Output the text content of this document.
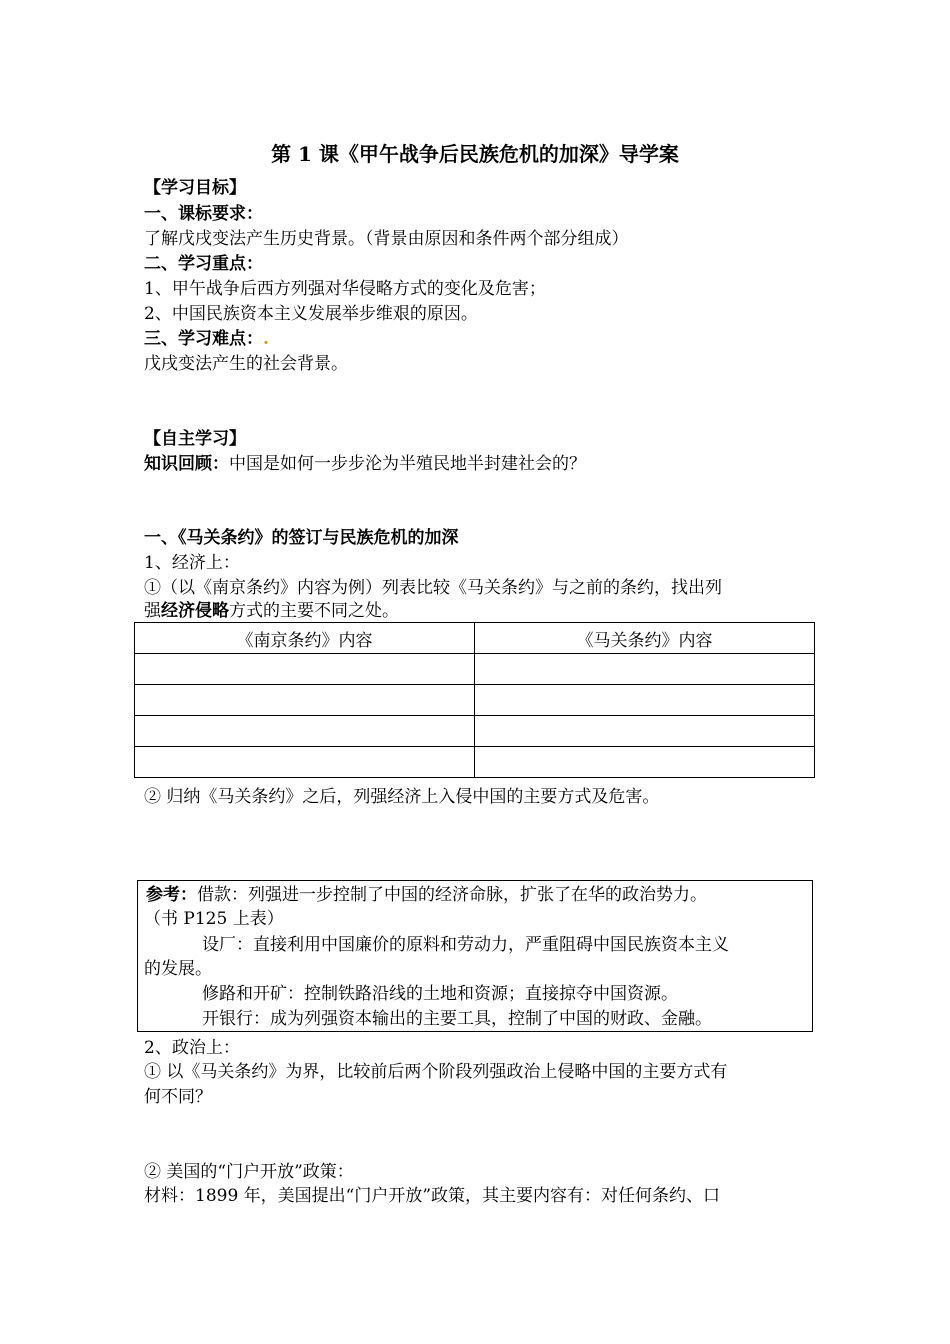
第 1 课《甲午战争后民族危机的加深》导学案
【学习目标】
一、课标要求：
了解戊戌变法产生历史背景。（背景由原因和条件两个部分组成）
二、学习重点：
1、甲午战争后西方列强对华侵略方式的变化及危害；
2、中国民族资本主义发展举步维艰的原因。
三、学习难点：.
戊戌变法产生的社会背景。
【自主学习】
知识回顾：中国是如何一步步沦为半殖民地半封建社会的？
一、《马关条约》的签订与民族危机的加深
1、经济上：
①（以《南京条约》内容为例）列表比较《马关条约》与之前的条约，找出列
强经济侵略方式的主要不同之处。
《南京条约》内容	《马关条约》内容

② 归纳《马关条约》之后，列强经济上入侵中国的主要方式及危害。
参考：借款：列强进一步控制了中国的经济命脉，扩张了在华的政治势力。
（书 P125 上表）
设厂：直接利用中国廉价的原料和劳动力，严重阻碍中国民族资本主义
的发展。
修路和开矿：控制铁路沿线的土地和资源；直接掠夺中国资源。
开银行：成为列强资本输出的主要工具，控制了中国的财政、金融。
2、政治上：
① 以《马关条约》为界，比较前后两个阶段列强政治上侵略中国的主要方式有
何不同？
② 美国的“门户开放”政策：
材料：1899 年，美国提出“门户开放”政策，其主要内容有：对任何条约、口
